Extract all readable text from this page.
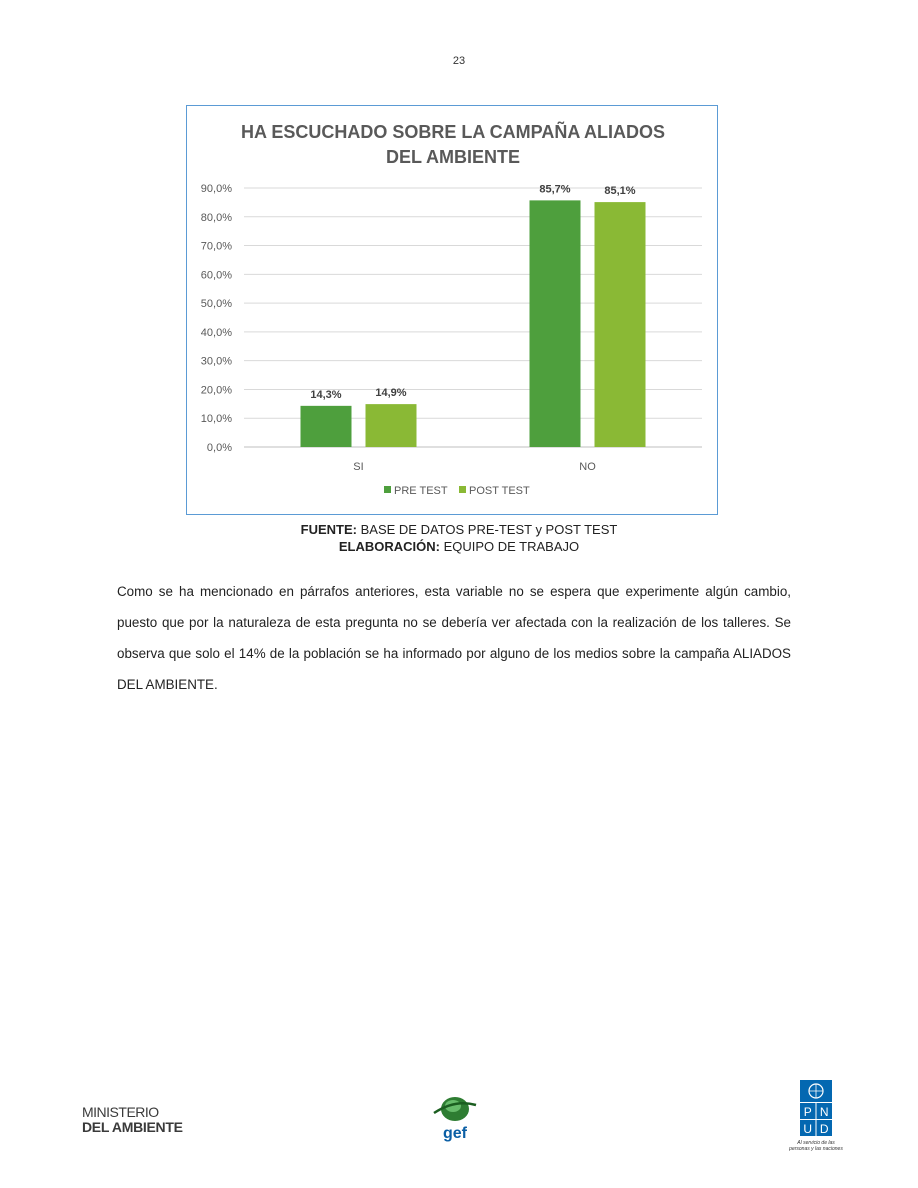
23
HA ESCUCHADO SOBRE LA CAMPAÑA ALIADOS
DEL AMBIENTE
0,0%
10,0%
20,0%
30,0%
40,0%
50,0%
60,0%
70,0%
80,0%
90,0%
14,3%	14,9%
SI
85,7%	85,1%
NO
PRE TEST POST TEST
FUENTE: BASE DE DATOS PRE-TEST y POST TEST
ELABORACIÓN: EQUIPO DE TRABAJO

Como se ha mencionado en párrafos anteriores, esta variable no se espera que experimente algún cambio, puesto que por la naturaleza de esta pregunta no se debería ver afectada con la realización de los talleres. Se observa que solo el 14% de la población se ha informado por alguno de los medios sobre la campaña ALIADOS DEL AMBIENTE.

MINISTERIO
DEL AMBIENTE	gef
P N
U D
Al servicio de las personas y las naciones
